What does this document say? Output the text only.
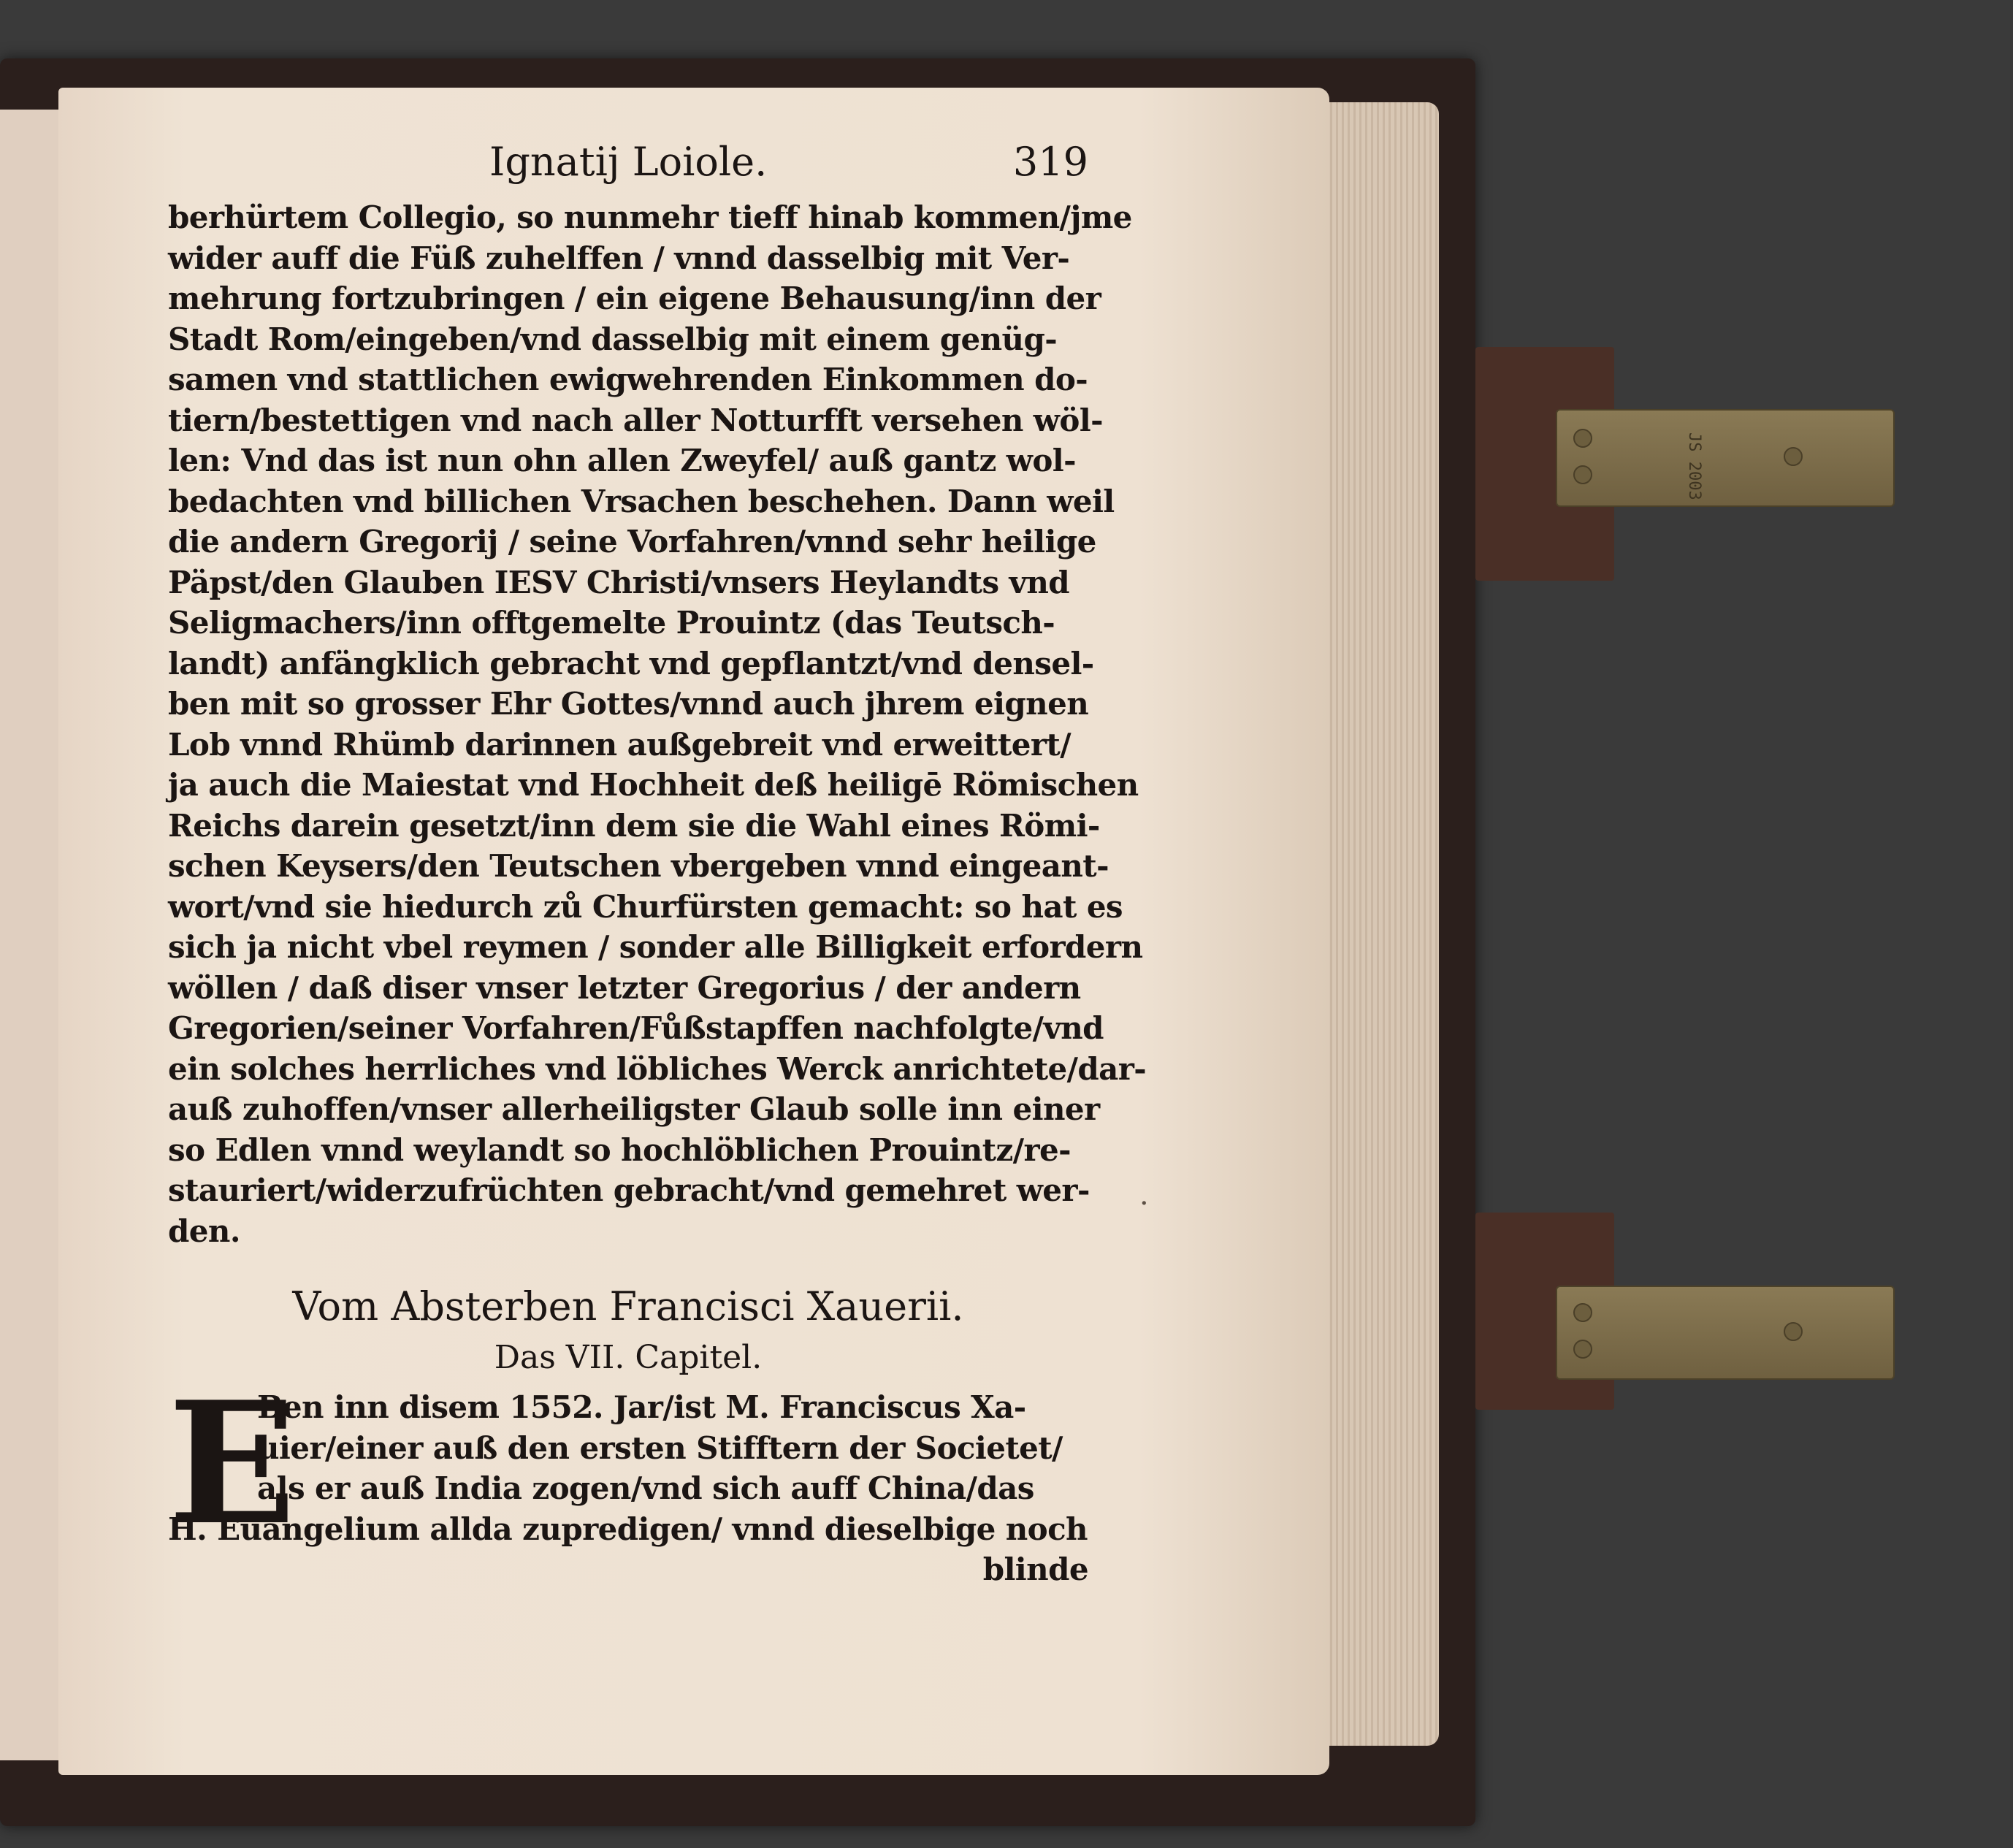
JS 2003
·
Ignatij Loiole.	319
berhürtem Collegio, so nunmehr tieff hinab kommen/jme
wider auff die Füß zuhelffen / vnnd dasselbig mit Ver-
mehrung fortzubringen / ein eigene Behausung/inn der
Stadt Rom/eingeben/vnd dasselbig mit einem genüg-
samen vnd stattlichen ewigwehrenden Einkommen do-
tiern/bestettigen vnd nach aller Notturfft versehen wöl-
len: Vnd das ist nun ohn allen Zweyfel/ auß gantz wol-
bedachten vnd billichen Vrsachen beschehen. Dann weil
die andern Gregorij / seine Vorfahren/vnnd sehr heilige
Päpst/den Glauben IESV Christi/vnsers Heylandts vnd
Seligmachers/inn offtgemelte Prouintz (das Teutsch-
landt) anfängklich gebracht vnd gepflantzt/vnd densel-
ben mit so grosser Ehr Gottes/vnnd auch jhrem eignen
Lob vnnd Rhümb darinnen außgebreit vnd erweittert/
ja auch die Maiestat vnd Hochheit deß heiligē Römischen
Reichs darein gesetzt/inn dem sie die Wahl eines Römi-
schen Keysers/den Teutschen vbergeben vnnd eingeant-
wort/vnd sie hiedurch zů Churfürsten gemacht: so hat es
sich ja nicht vbel reymen / sonder alle Billigkeit erfordern
wöllen / daß diser vnser letzter Gregorius / der andern
Gregorien/seiner Vorfahren/Fůßstapffen nachfolgte/vnd
ein solches herrliches vnd löbliches Werck anrichtete/dar-
auß zuhoffen/vnser allerheiligster Glaub solle inn einer
so Edlen vnnd weylandt so hochlöblichen Prouintz/re-
stauriert/widerzufrüchten gebracht/vnd gemehret wer-
den.
Vom Absterben Francisci Xauerii.
Das VII. Capitel.
E
Ben inn disem 1552. Jar/ist M. Franciscus Xa-
uier/einer auß den ersten Stifftern der Societet/
als er auß India zogen/vnd sich auff China/das
H. Euangelium allda zupredigen/ vnnd dieselbige noch
blinde
